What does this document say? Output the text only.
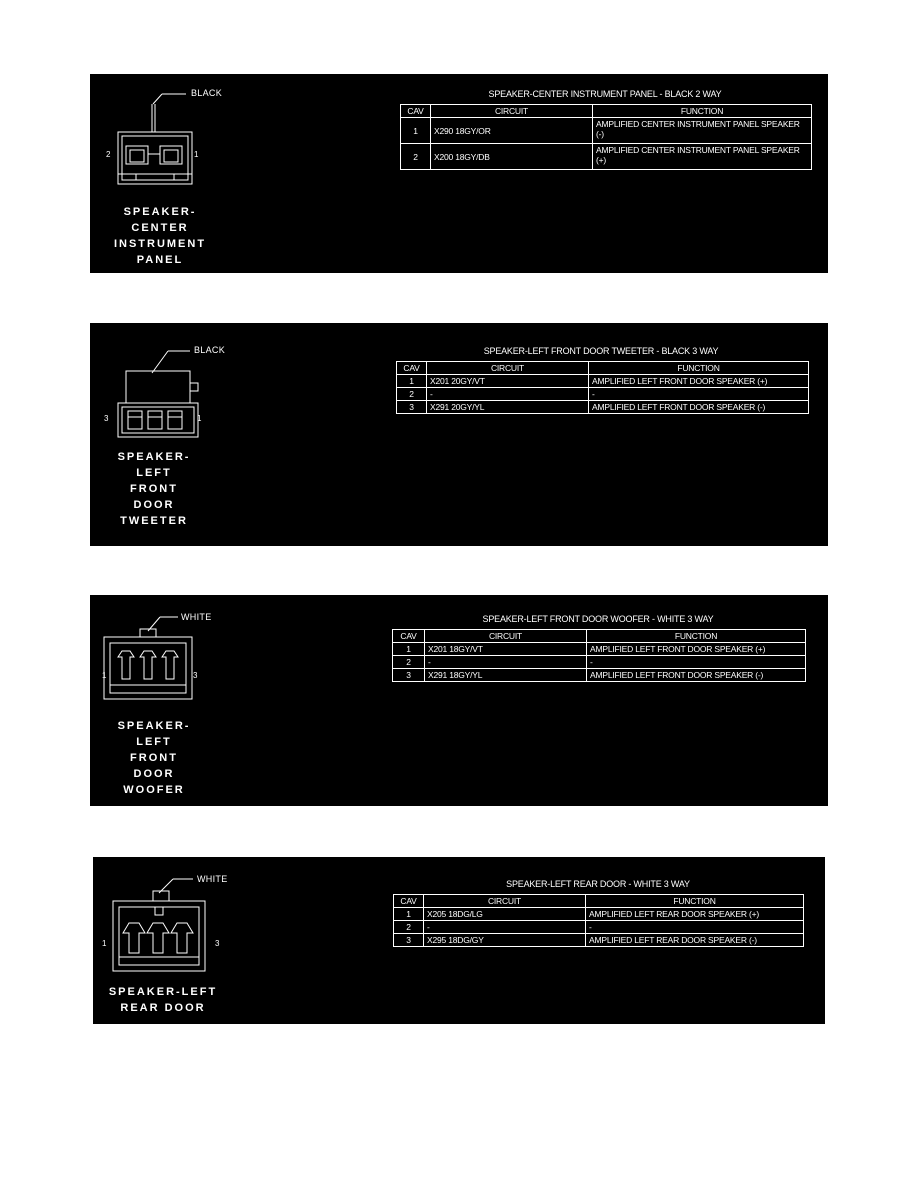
BLACK
2	1
SPEAKER-
CENTER
INSTRUMENT
PANEL
SPEAKER-CENTER INSTRUMENT PANEL - BLACK 2 WAY
CAV	CIRCUIT	FUNCTION
1	X290 18GY/OR	AMPLIFIED CENTER INSTRUMENT PANEL SPEAKER (-)
2	X200 18GY/DB	AMPLIFIED CENTER INSTRUMENT PANEL SPEAKER (+)
BLACK
3	1
SPEAKER-
LEFT
FRONT
DOOR
TWEETER
SPEAKER-LEFT FRONT DOOR TWEETER - BLACK 3 WAY
CAV	CIRCUIT	FUNCTION
1	X201 20GY/VT	AMPLIFIED LEFT FRONT DOOR SPEAKER (+)
2	-	-
3	X291 20GY/YL	AMPLIFIED LEFT FRONT DOOR SPEAKER (-)
WHITE
1	3
SPEAKER-
LEFT
FRONT
DOOR
WOOFER
SPEAKER-LEFT FRONT DOOR WOOFER - WHITE 3 WAY
CAV	CIRCUIT	FUNCTION
1	X201 18GY/VT	AMPLIFIED LEFT FRONT DOOR SPEAKER (+)
2	-	-
3	X291 18GY/YL	AMPLIFIED LEFT FRONT DOOR SPEAKER (-)
WHITE
1	3
SPEAKER-LEFT
REAR DOOR
SPEAKER-LEFT REAR DOOR - WHITE 3 WAY
CAV	CIRCUIT	FUNCTION
1	X205 18DG/LG	AMPLIFIED LEFT REAR DOOR SPEAKER (+)
2	-	-
3	X295 18DG/GY	AMPLIFIED LEFT REAR DOOR SPEAKER (-)
